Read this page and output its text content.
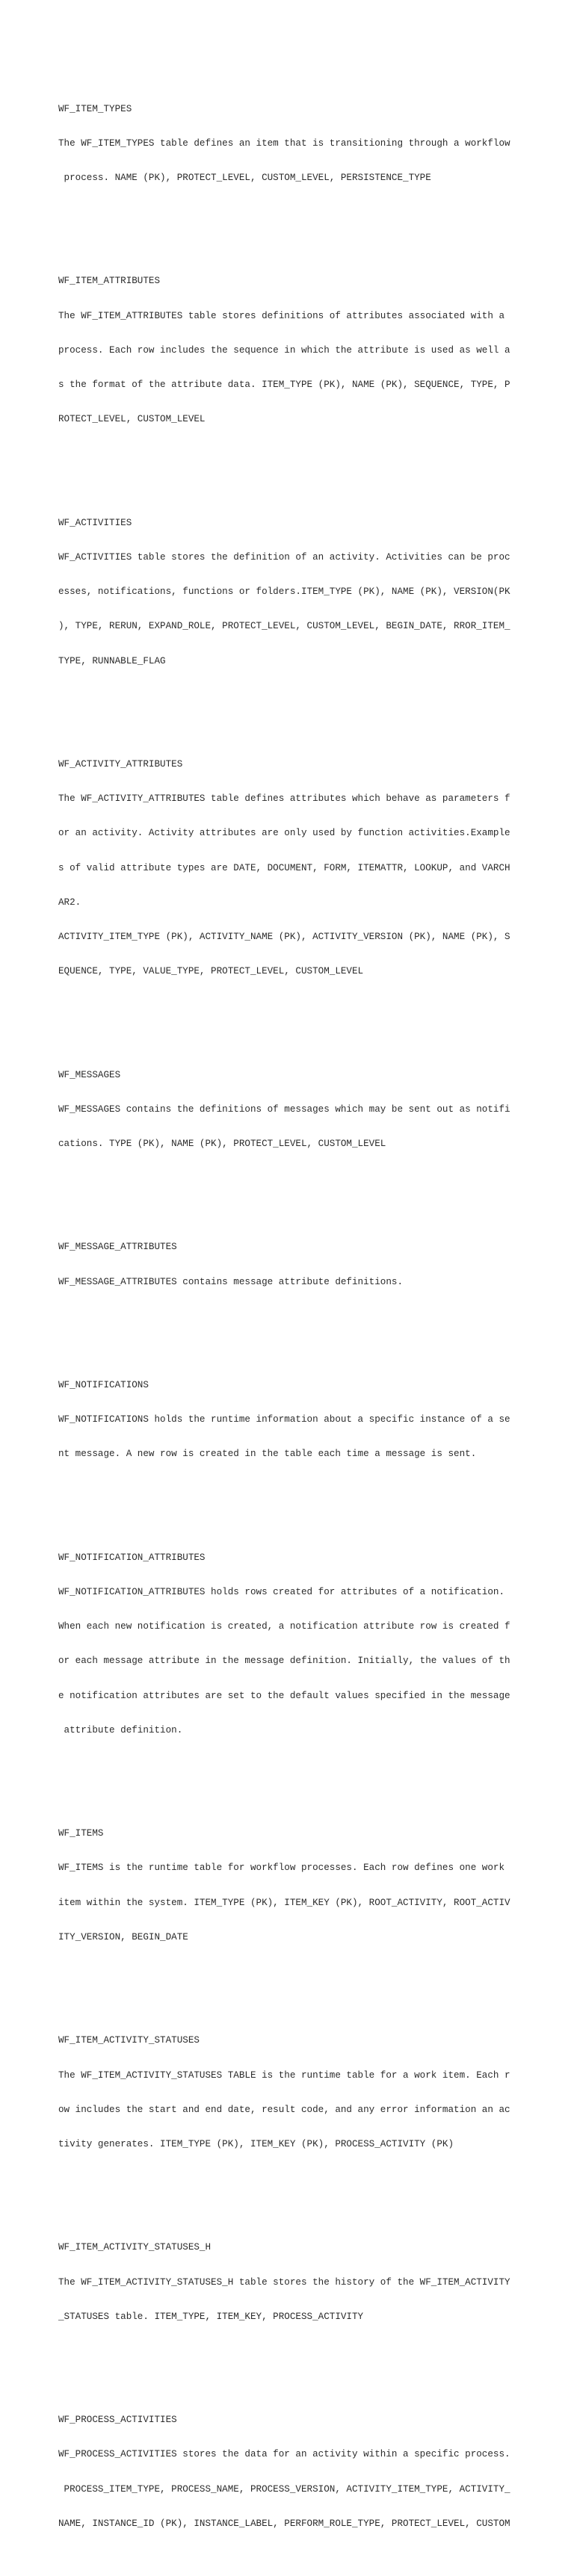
WF_ITEM_TYPES

The WF_ITEM_TYPES table defines an item that is transitioning through a workflow

process. NAME (PK), PROTECT_LEVEL, CUSTOM_LEVEL, PERSISTENCE_TYPE

WF_ITEM_ATTRIBUTES

The WF_ITEM_ATTRIBUTES table stores definitions of attributes associated with a

process. Each row includes the sequence in which the attribute is used as well a

s the format of the attribute data. ITEM_TYPE (PK), NAME (PK), SEQUENCE, TYPE, P

ROTECT_LEVEL, CUSTOM_LEVEL

WF_ACTIVITIES

WF_ACTIVITIES table stores the definition of an activity. Activities can be proc

esses, notifications, functions or folders.ITEM_TYPE (PK), NAME (PK), VERSION(PK

), TYPE, RERUN, EXPAND_ROLE, PROTECT_LEVEL, CUSTOM_LEVEL, BEGIN_DATE, RROR_ITEM_

TYPE, RUNNABLE_FLAG

WF_ACTIVITY_ATTRIBUTES

The WF_ACTIVITY_ATTRIBUTES table defines attributes which behave as parameters f

or an activity. Activity attributes are only used by function activities.Example

s of valid attribute types are DATE, DOCUMENT, FORM, ITEMATTR, LOOKUP, and VARCH

AR2.

ACTIVITY_ITEM_TYPE (PK), ACTIVITY_NAME (PK), ACTIVITY_VERSION (PK), NAME (PK), S

EQUENCE, TYPE, VALUE_TYPE, PROTECT_LEVEL, CUSTOM_LEVEL

WF_MESSAGES

WF_MESSAGES contains the definitions of messages which may be sent out as notifi

cations. TYPE (PK), NAME (PK), PROTECT_LEVEL, CUSTOM_LEVEL

WF_MESSAGE_ATTRIBUTES

WF_MESSAGE_ATTRIBUTES contains message attribute definitions.

WF_NOTIFICATIONS

WF_NOTIFICATIONS holds the runtime information about a specific instance of a se

nt message. A new row is created in the table each time a message is sent.

WF_NOTIFICATION_ATTRIBUTES

WF_NOTIFICATION_ATTRIBUTES holds rows created for attributes of a notification.

When each new notification is created, a notification attribute row is created f

or each message attribute in the message definition. Initially, the values of th

e notification attributes are set to the default values specified in the message

attribute definition.

WF_ITEMS

WF_ITEMS is the runtime table for workflow processes. Each row defines one work

item within the system. ITEM_TYPE (PK), ITEM_KEY (PK), ROOT_ACTIVITY, ROOT_ACTIV

ITY_VERSION, BEGIN_DATE

WF_ITEM_ACTIVITY_STATUSES

The WF_ITEM_ACTIVITY_STATUSES TABLE is the runtime table for a work item. Each r

ow includes the start and end date, result code, and any error information an ac

tivity generates. ITEM_TYPE (PK), ITEM_KEY (PK), PROCESS_ACTIVITY (PK)

WF_ITEM_ACTIVITY_STATUSES_H

The WF_ITEM_ACTIVITY_STATUSES_H table stores the history of the WF_ITEM_ACTIVITY

_STATUSES table. ITEM_TYPE, ITEM_KEY, PROCESS_ACTIVITY

WF_PROCESS_ACTIVITIES

WF_PROCESS_ACTIVITIES stores the data for an activity within a specific process.

PROCESS_ITEM_TYPE, PROCESS_NAME, PROCESS_VERSION, ACTIVITY_ITEM_TYPE, ACTIVITY_

NAME, INSTANCE_ID (PK), INSTANCE_LABEL, PERFORM_ROLE_TYPE, PROTECT_LEVEL, CUSTOM
